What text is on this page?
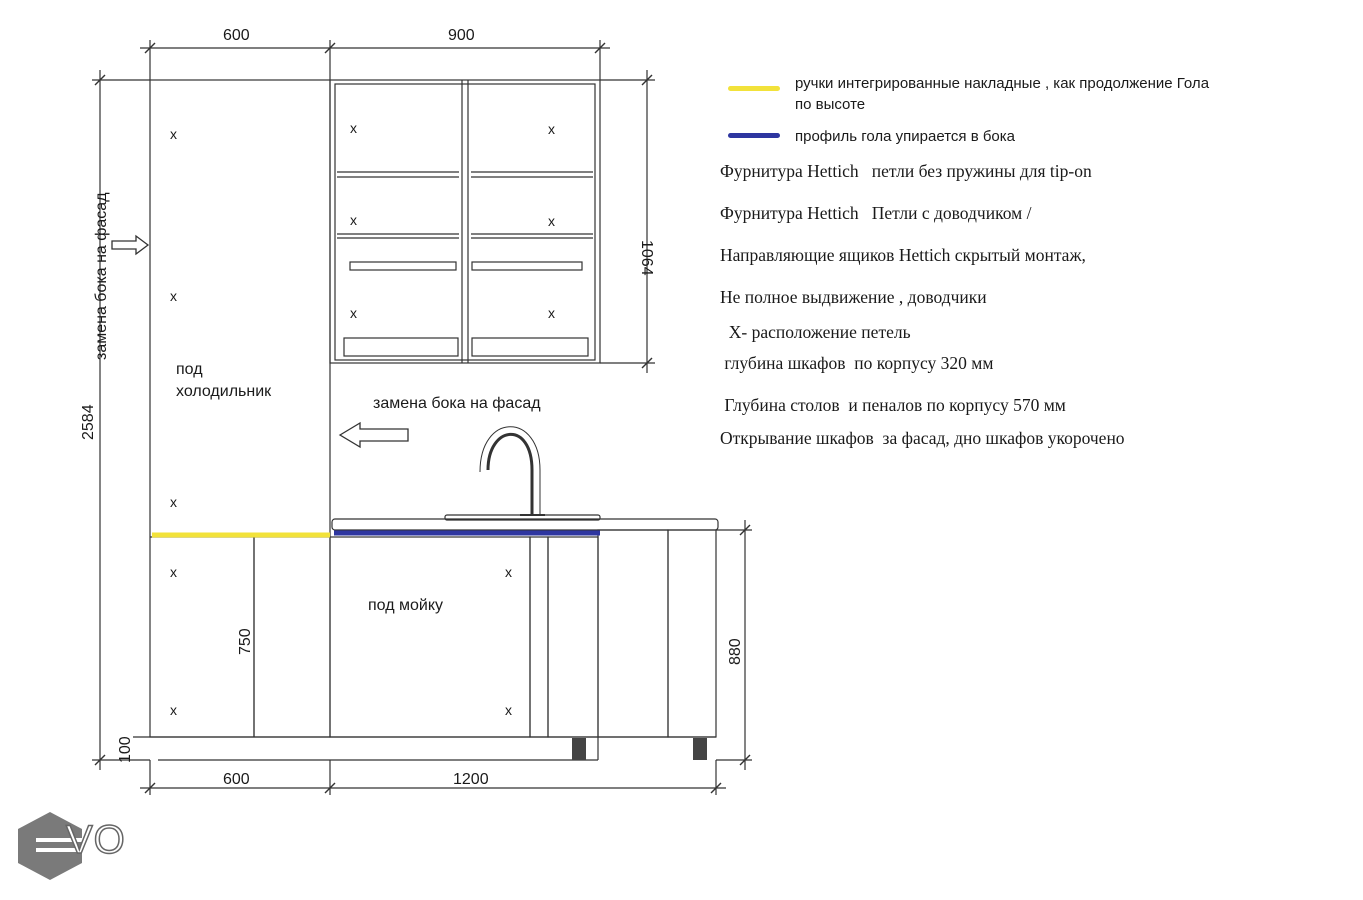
600	900
600	1200
2584
1064
880
750
100
под
холодильник
под мойку
замена бока на фасад
замена бока на фасад
x
x
x
x
x
x
x
x
x
x
x
x
x
ручки интегрированные накладные , как продолжение Гола по высоте
профиль гола упирается в бока
Фурнитура Hettich   петли без пружины для tip-on
Фурнитура Hettich   Петли с доводчиком /
Направляющие ящиков Hettich скрытый монтаж,
Не полное выдвижение , доводчики
X- расположение петель
глубина шкафов  по корпусу 320 мм
Глубина столов  и пеналов по корпусу 570 мм
Открывание шкафов  за фасад, дно шкафов укорочено
VO
